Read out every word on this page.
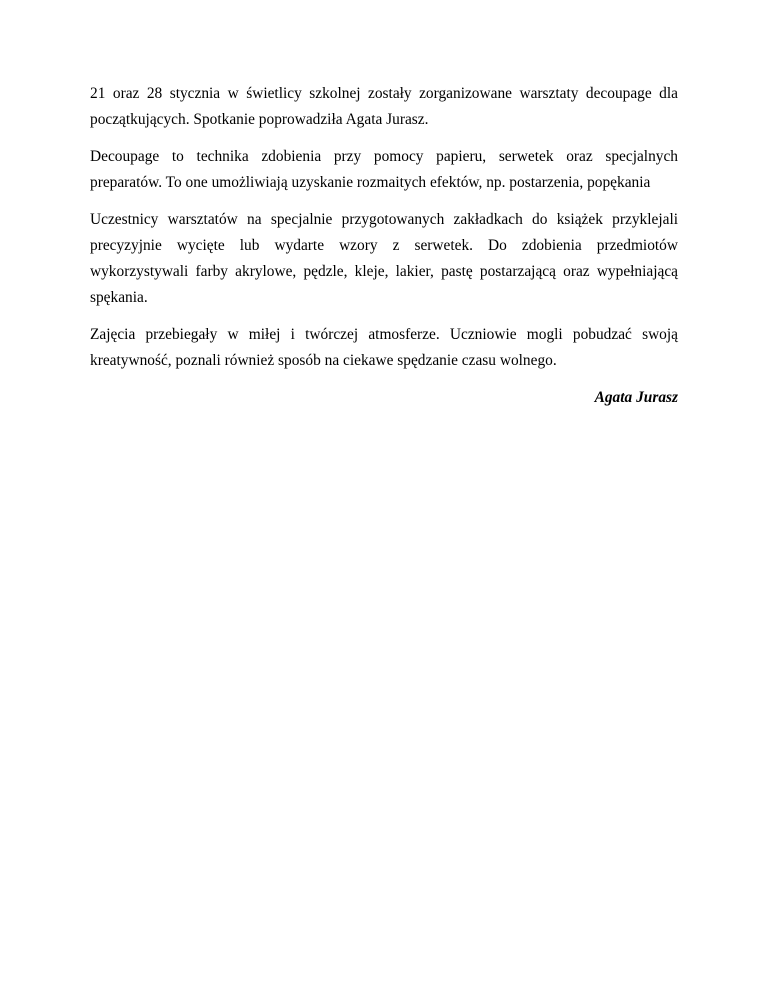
21 oraz 28 stycznia w świetlicy szkolnej zostały zorganizowane warsztaty decoupage dla
początkujących. Spotkanie poprowadziła Agata Jurasz.

Decoupage to technika zdobienia przy pomocy papieru, serwetek oraz specjalnych
preparatów. To one umożliwiają uzyskanie rozmaitych efektów, np. postarzenia, popękania

Uczestnicy warsztatów na specjalnie przygotowanych zakładkach do książek przyklejali
precyzyjnie wycięte lub wydarte wzory z serwetek. Do zdobienia przedmiotów
wykorzystywali farby akrylowe, pędzle, kleje, lakier, pastę postarzającą oraz wypełniającą
spękania.

Zajęcia przebiegały w miłej i twórczej atmosferze. Uczniowie mogli pobudzać swoją
kreatywność, poznali również sposób na ciekawe spędzanie czasu wolnego.

Agata Jurasz
